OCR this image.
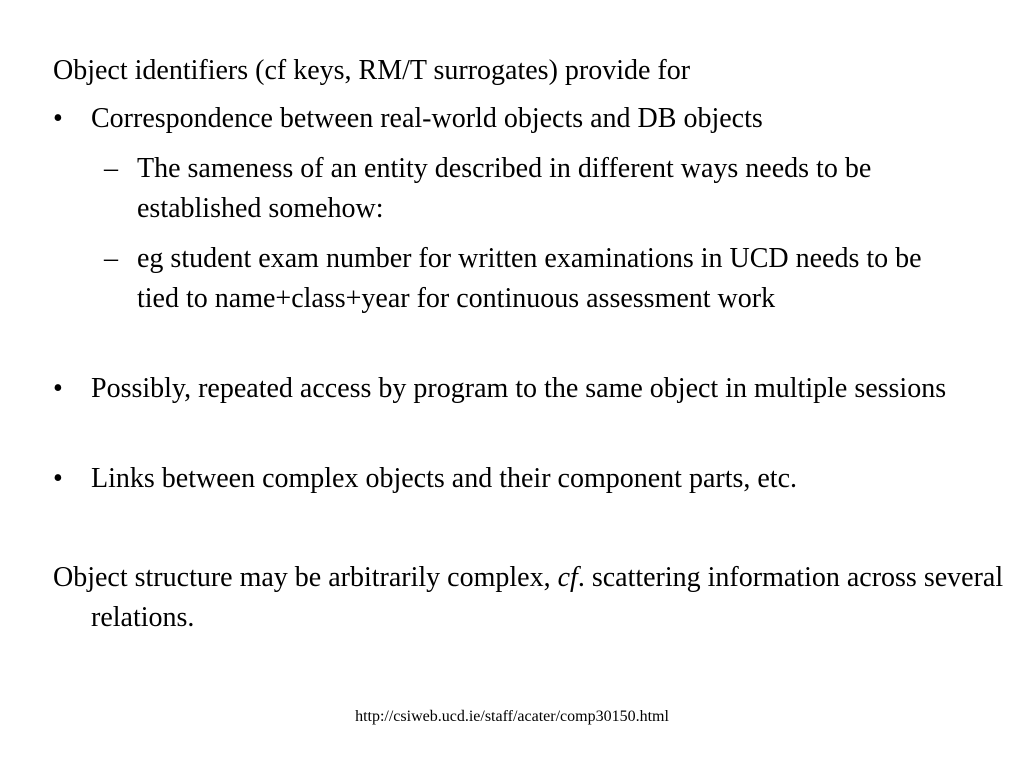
Object identifiers (cf keys, RM/T surrogates) provide for

•	Correspondence between real-world objects and DB objects
– The sameness of an entity described in different ways needs to be established somehow:
– eg student exam number for written examinations in UCD needs to be tied to name+class+year for continuous assessment work
•	Possibly, repeated access by program to the same object in multiple sessions
•	Links between complex objects and their component parts, etc.

Object structure may be arbitrarily complex, cf. scattering information across several relations.

http://csiweb.ucd.ie/staff/acater/comp30150.html
